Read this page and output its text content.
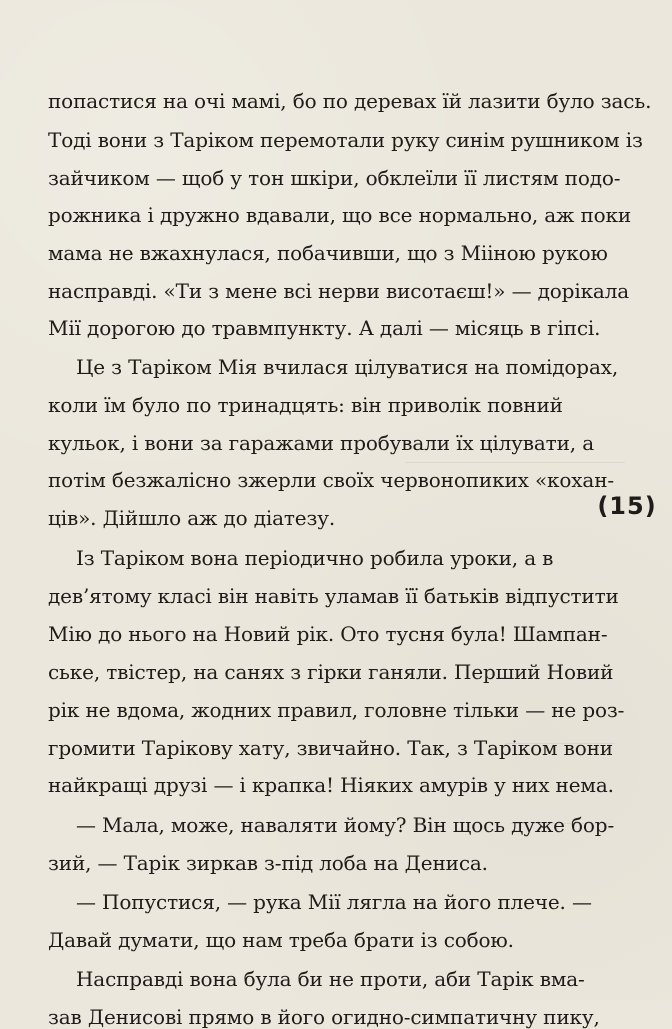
попастися на очі мамі, бо по деревах їй лазити було зась.
Тоді вони з Таріком перемотали руку синім рушником із
зайчиком — щоб у тон шкіри, обклеїли її листям подо-
рожника і дружно вдавали, що все нормально, аж поки
мама не вжахнулася, побачивши, що з Мііною рукою
насправді. «Ти з мене всі нерви висотаєш!» — дорікала
Мії дорогою до травмпункту. А далі — місяць в гіпсі.
Це з Таріком Мія вчилася цілуватися на помідорах,
коли їм було по тринадцять: він приволік повний
кульок, і вони за гаражами пробували їх цілувати, а
потім безжалісно зжерли своїх червонопиких «кохан-
ців». Дійшло аж до діатезу.
Із Таріком вона періодично робила уроки, а в
дев’ятому класі він навіть уламав її батьків відпустити
Мію до нього на Новий рік. Ото тусня була! Шампан-
ське, твістер, на санях з гірки ганяли. Перший Новий
рік не вдома, жодних правил, головне тільки — не роз-
громити Тарікову хату, звичайно. Так, з Таріком вони
найкращі друзі — і крапка! Ніяких амурів у них нема.
— Мала, може, наваляти йому? Він щось дуже бор-
зий, — Тарік зиркав з-під лоба на Дениса.
— Попустися, — рука Мії лягла на його плече. —
Давай думати, що нам треба брати із собою.
Насправді вона була би не проти, аби Тарік вма-
зав Денисові прямо в його огидно-симпатичну пику,
(15)
